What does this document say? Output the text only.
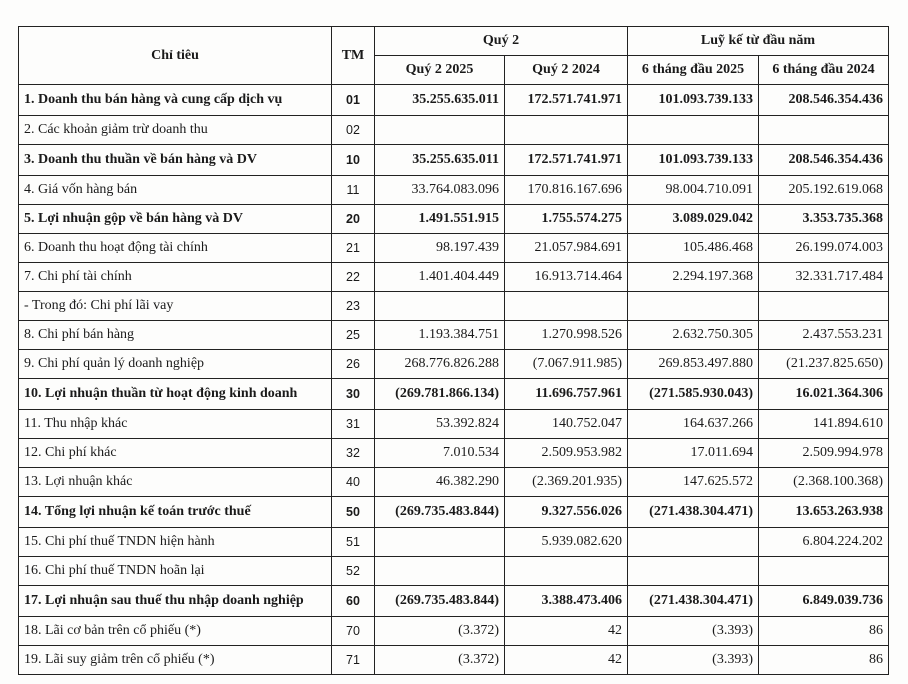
Chỉ tiêu	TM	Quý 2		Luỹ kế từ đầu năm	
		Quý 2 2025	Quý 2 2024	6 tháng đầu 2025	6 tháng đầu 2024
1. Doanh thu bán hàng và cung cấp dịch vụ	01	35.255.635.011	172.571.741.971	101.093.739.133	208.546.354.436
2. Các khoản giảm trừ doanh thu	02				
3. Doanh thu thuần về bán hàng và DV	10	35.255.635.011	172.571.741.971	101.093.739.133	208.546.354.436
4. Giá vốn hàng bán	11	33.764.083.096	170.816.167.696	98.004.710.091	205.192.619.068
5. Lợi nhuận gộp về bán hàng và DV	20	1.491.551.915	1.755.574.275	3.089.029.042	3.353.735.368
6. Doanh thu hoạt động tài chính	21	98.197.439	21.057.984.691	105.486.468	26.199.074.003
7. Chi phí tài chính	22	1.401.404.449	16.913.714.464	2.294.197.368	32.331.717.484
- Trong đó: Chi phí lãi vay	23				
8. Chi phí bán hàng	25	1.193.384.751	1.270.998.526	2.632.750.305	2.437.553.231
9. Chi phí quản lý doanh nghiệp	26	268.776.826.288	(7.067.911.985)	269.853.497.880	(21.237.825.650)
10. Lợi nhuận thuần từ hoạt động kinh doanh	30	(269.781.866.134)	11.696.757.961	(271.585.930.043)	16.021.364.306
11. Thu nhập khác	31	53.392.824	140.752.047	164.637.266	141.894.610
12. Chi phí khác	32	7.010.534	2.509.953.982	17.011.694	2.509.994.978
13. Lợi nhuận khác	40	46.382.290	(2.369.201.935)	147.625.572	(2.368.100.368)
14. Tổng lợi nhuận kế toán trước thuế	50	(269.735.483.844)	9.327.556.026	(271.438.304.471)	13.653.263.938
15. Chi phí thuế TNDN hiện hành	51		5.939.082.620		6.804.224.202
16. Chi phí thuế TNDN hoãn lại	52				
17. Lợi nhuận sau thuế thu nhập doanh nghiệp	60	(269.735.483.844)	3.388.473.406	(271.438.304.471)	6.849.039.736
18. Lãi cơ bản trên cổ phiếu (*)	70	(3.372)	42	(3.393)	86
19. Lãi suy giảm trên cổ phiếu (*)	71	(3.372)	42	(3.393)	86
